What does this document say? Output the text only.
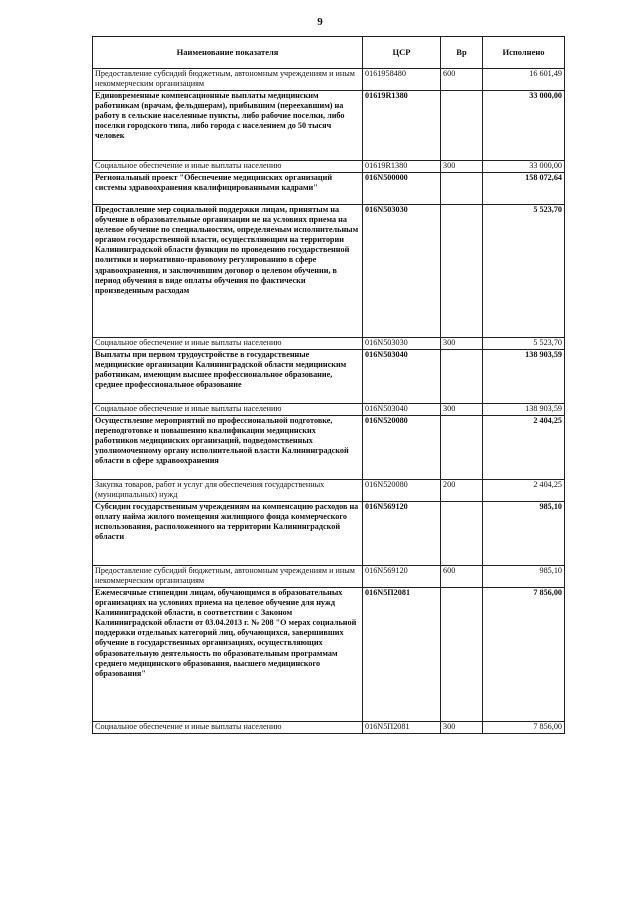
9
Наименование показателя	ЦСР	Вр	Исполнено
Предоставление субсидий бюджетным, автономным учреждениям и иным некоммерческим организациям	0161958480	600	16 601,49
Единовременные компенсационные выплаты медицинским работникам (врачам, фельдшерам), прибывшим (переехавшим) на работу в сельские населенные пункты, либо рабочие поселки, либо поселки городского типа, либо города с населением до 50 тысяч человек	01619R1380		33 000,00
Социальное обеспечение и иные выплаты населению	01619R1380	300	33 000,00
Региональный проект "Обеспечение медицинских организаций системы здравоохранения квалифицированными кадрами"	016N500000		158 072,64
Предоставление мер социальной поддержки лицам, принятым на обучение в образовательные организации не на условиях приема на целевое обучение по специальностям, определяемым исполнительным органом государственной власти, осуществляющим на территории Калининградской области функции по проведению государственной политики и нормативно-правовому регулированию в сфере здравоохранения, и заключившим договор о целевом обучении, в период обучения в виде оплаты обучения по фактически произведенным расходам	016N503030		5 523,70
Социальное обеспечение и иные выплаты населению	016N503030	300	5 523,70
Выплаты при первом трудоустройстве в государственные медицинские организации Калининградской области медицинским работникам, имеющим высшее профессиональное образование, среднее профессиональное образование	016N503040		138 903,59
Социальное обеспечение и иные выплаты населению	016N503040	300	138 903,59
Осуществление мероприятий по профессиональной подготовке, переподготовке и повышению квалификации медицинских работников медицинских организаций, подведомственных уполномоченному органу исполнительной власти Калининградской области в сфере здравоохранения	016N520080		2 404,25
Закупка товаров, работ и услуг для обеспечения государственных (муниципальных) нужд	016N520080	200	2 404,25
Субсидии государственным учреждениям на компенсацию расходов на оплату найма жилого помещения жилищного фонда коммерческого использования, расположенного на территории Калининградской области	016N569120		985,10
Предоставление субсидий бюджетным, автономным учреждениям и иным некоммерческим организациям	016N569120	600	985,10
Ежемесячные стипендии лицам, обучающимся в образовательных организациях на условиях приема на целевое обучение для нужд Калининградской области, в соответствии с Законом Калининградской области от 03.04.2013 г. № 208 "О мерах социальной поддержки отдельных категорий лиц, обучающихся, завершивших обучение в государственных организациях, осуществляющих образовательную деятельность по образовательным программам среднего медицинского образования, высшего медицинского образования"	016N5П2081		7 856,00
Социальное обеспечение и иные выплаты населению	016N5П2081	300	7 856,00
